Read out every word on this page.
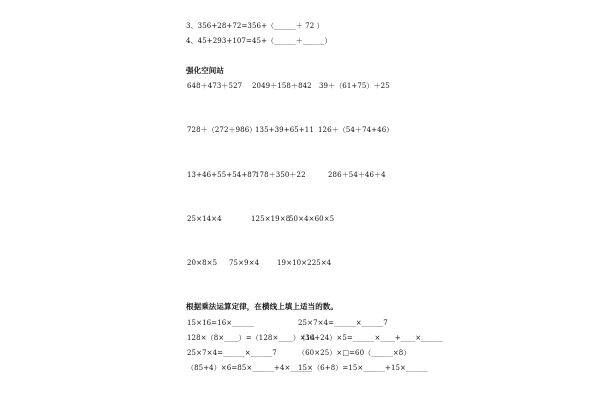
3、356+28+72=356+（______＋ 72 ）
4、45+293+107=45+（______＋______）
强化空间站
648＋473＋527 2049＋158＋842 39＋（61+75）＋25
728＋（272＋986）
135+39+65+11 126＋（54＋74+46）
13+46+55+54+87
178＋350＋22	286＋54＋46＋4
25×14×4	125×19×8
50×4×60×5
20×8×5 75×9×4	19×10×225×4
根据乘法运算定律，在横线上填上适当的数。
15×16=16×______	25×7×4=______×______7
128×（8×____）=（128×____）×14
（36+24）×5=______×____+____×______
25×7×4=______×______7	（60×25）×□=60（______×8）
（85+4）×6=85×______+4×______
15×（6+8）=15×______+15×______
